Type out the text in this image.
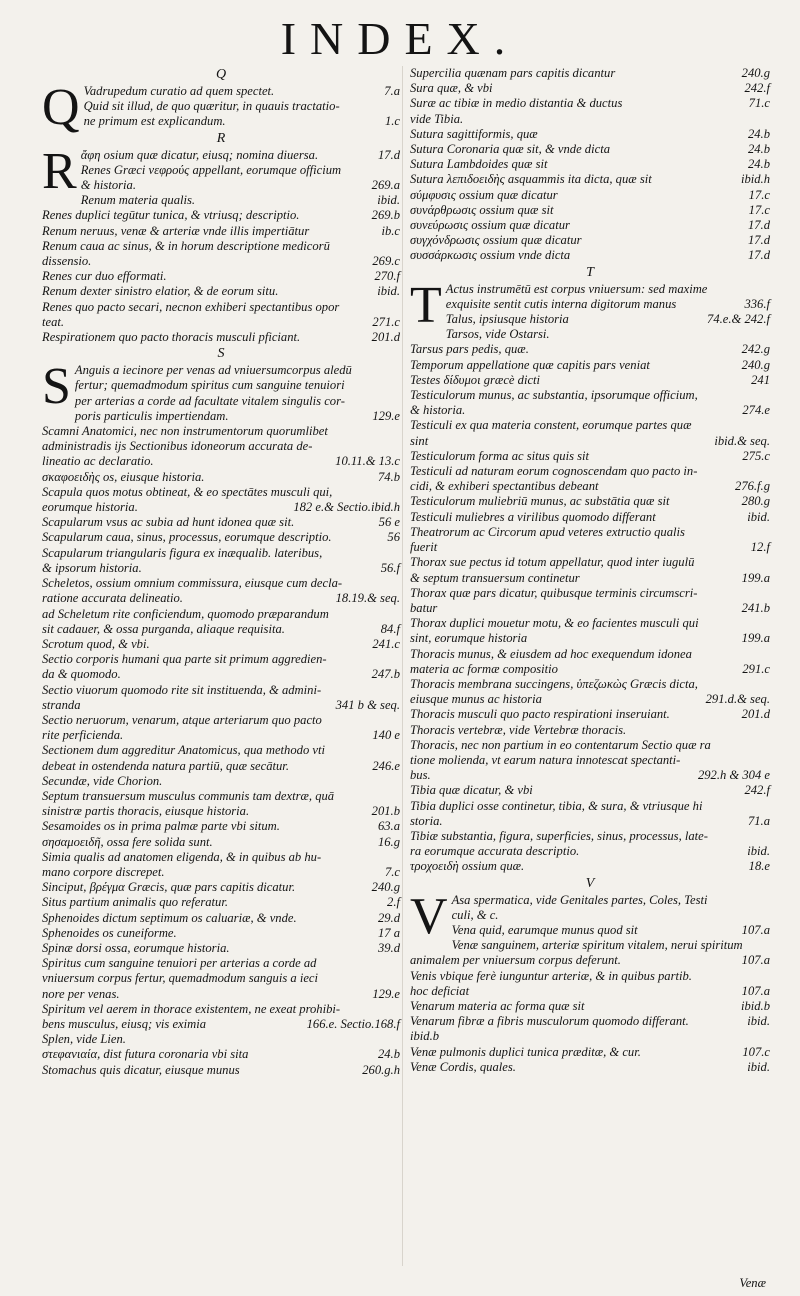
INDEX.
Q
Q Vadrupedum curatio ad quem spectet.	7.a
Quid sit illud, de quo quæritur, in quauis tractatio-
ne primum est explicandum.	1.c
R
R ἄφη osium quæ dicatur, eiusq; nomina diuersa.	17.d
Renes Græci νεφρούς appellant, eorumque officium
& historia.	269.a
Renum materia qualis.	ibid.
Renes duplici tegūtur tunica, & vtriusq; descriptio.	269.b
Renum neruus, venæ & arteriæ vnde illis impertiātur	ib.c
Renum caua ac sinus, & in horum descriptione medicorū
dissensio.	269.c
Renes cur duo efformati.	270.f
Renum dexter sinistro elatior, & de eorum situ.	ibid.
Renes quo pacto secari, necnon exhiberi spectantibus opor
teat.	271.c
Respirationem quo pacto thoracis musculi pficiant.	201.d
S
S Anguis a iecinore per venas ad vniuersumcorpus aledū
fertur; quemadmodum spiritus cum sanguine tenuiori
per arterias a corde ad facultate vitalem singulis cor-
poris particulis impertiendam.	129.e
Scamni Anatomici, nec non instrumentorum quorumlibet
administradis ijs Sectionibus idoneorum accurata de-
lineatio ac declaratio.	10.11.& 13.c
σκαφοειδὴς os, eiusque historia.	74.b
Scapula quos motus obtineat, & eo spectātes musculi qui,
eorumque historia.	182 e.& Sectio.ibid.h
Scapularum vsus ac subia ad hunt idonea quæ sit.	56 e
Scapularum caua, sinus, processus, eorumque descriptio.	56
Scapularum triangularis figura ex inæqualib. lateribus,
& ipsorum historia.	56.f
Scheletos, ossium omnium commissura, eiusque cum decla-
ratione accurata delineatio.	18.19.& seq.
ad Scheletum rite conficiendum, quomodo præparandum
sit cadauer, & ossa purganda, aliaque requisita.	84.f
Scrotum quod, & vbi.	241.c
Sectio corporis humani qua parte sit primum aggredien-
da & quomodo.	247.b
Sectio viuorum quomodo rite sit instituenda, & admini-
stranda	341 b & seq.
Sectio neruorum, venarum, atque arteriarum quo pacto
rite perficienda.	140 e
Sectionem dum aggreditur Anatomicus, qua methodo vti
debeat in ostendenda natura partiū, quæ secātur.	246.e
Secundæ, vide Chorion.
Septum transuersum musculus communis tam dextræ, quā
sinistræ partis thoracis, eiusque historia.	201.b
Sesamoides os in prima palmæ parte vbi situm.	63.a
σησαμοειδῆ, ossa fere solida sunt.	16.g
Simia qualis ad anatomen eligenda, & in quibus ab hu-
mano corpore discrepet.	7.c
Sinciput, βρέγμα Græcis, quæ pars capitis dicatur.	240.g
Situs partium animalis quo referatur.	2.f
Sphenoides dictum septimum os caluariæ, & vnde.	29.d
Sphenoides os cuneiforme.	17 a
Spinæ dorsi ossa, eorumque historia.	39.d
Spiritus cum sanguine tenuiori per arterias a corde ad
vniuersum corpus fertur, quemadmodum sanguis a ieci
nore per venas.	129.e
Spiritum vel aerem in thorace existentem, ne exeat prohibi-
bens musculus, eiusq; vis eximia	166.e. Sectio.168.f
Splen, vide Lien.
στεφανιαία, dist futura coronaria vbi sita	24.b
Stomachus quis dicatur, eiusque munus	260.g.h
Supercilia quænam pars capitis dicantur	240.g
Sura quæ, & vbi	242.f
Suræ ac tibiæ in medio distantia & ductus	71.c
vide Tibia.
Sutura sagittiformis, quæ	24.b
Sutura Coronaria quæ sit, & vnde dicta	24.b
Sutura Lambdoides quæ sit	24.b
Sutura λεπιδοειδὴς asquammis ita dicta, quæ sit	ibid.h
σύμφυσις ossium quæ dicatur	17.c
συνάρθρωσις ossium quæ sit	17.c
συνεύρωσις ossium quæ dicatur	17.d
συγχόνδρωσις ossium quæ dicatur	17.d
συσσάρκωσις ossium vnde dicta	17.d
T
T Actus instrumētū est corpus vniuersum: sed maxime
exquisite sentit cutis interna digitorum manus	336.f
Talus, ipsiusque historia	74.e.& 242.f
Tarsos, vide Ostarsi.
Tarsus pars pedis, quæ.	242.g
Temporum appellatione quæ capitis pars veniat	240.g
Testes δίδυμοι græcè dicti	241
Testiculorum munus, ac substantia, ipsorumque officium,
& historia.	274.e
Testiculi ex qua materia constent, eorumque partes quæ
sint	ibid.& seq.
Testiculorum forma ac situs quis sit	275.c
Testiculi ad naturam eorum cognoscendam quo pacto in-
cidi, & exhiberi spectantibus debeant	276.f.g
Testiculorum muliebriū munus, ac substātia quæ sit	280.g
Testiculi muliebres a virilibus quomodo differant	ibid.
Theatrorum ac Circorum apud veteres extructio qualis
fuerit	12.f
Thorax sue pectus id totum appellatur, quod inter iugulū
& septum transuersum continetur	199.a
Thorax quæ pars dicatur, quibusque terminis circumscri-
batur	241.b
Thorax duplici mouetur motu, & eo facientes musculi qui
sint, eorumque historia	199.a
Thoracis munus, & eiusdem ad hoc exequendum idonea
materia ac formæ compositio	291.c
Thoracis membrana succingens, ὑπεζωκὼς Græcis dicta,
eiusque munus ac historia	291.d.& seq.
Thoracis musculi quo pacto respirationi inseruiant.	201.d
Thoracis vertebræ, vide Vertebræ thoracis.
Thoracis, nec non partium in eo contentarum Sectio quæ ra
tione molienda, vt earum natura innotescat spectanti-
bus.	292.h & 304 e
Tibia quæ dicatur, & vbi	242.f
Tibia duplici osse continetur, tibia, & sura, & vtriusque hi
storia.	71.a
Tibiæ substantia, figura, superficies, sinus, processus, late-
ra eorumque accurata descriptio.	ibid.
τροχοειδὴ ossium quæ.	18.e
V
V Asa spermatica, vide Genitales partes, Coles, Testi
culi, & c.
Vena quid, earumque munus quod sit	107.a
Venæ sanguinem, arteriæ spiritum vitalem, nerui spiritum
animalem per vniuersum corpus deferunt.	107.a
Venis vbique ferè iunguntur arteriæ, & in quibus partib.
hoc deficiat	107.a
Venarum materia ac forma quæ sit	ibid.b
Venarum fibræ a fibris musculorum quomodo differant.	ibid.
ibid.b
Venæ pulmonis duplici tunica præditæ, & cur.	107.c
Venæ Cordis, quales.	ibid.
Venæ
